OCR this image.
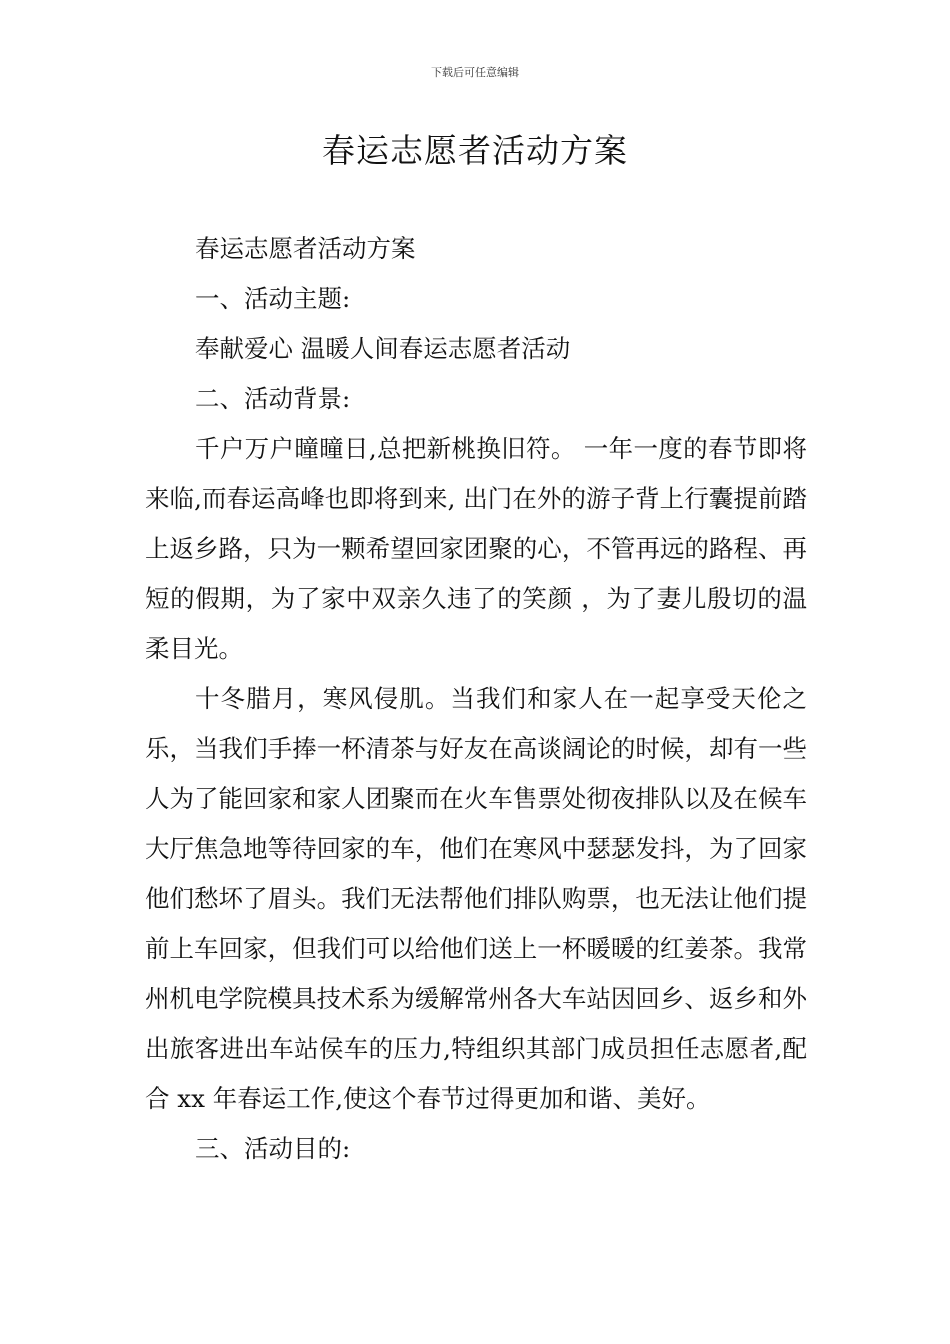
下载后可任意编辑
春运志愿者活动方案

春运志愿者活动方案

一、活动主题:

奉献爱心 温暖人间春运志愿者活动

二、活动背景:

千户万户曈曈日,总把新桃换旧符。 一年一度的春节即将来临,而春运高峰也即将到来, 出门在外的游子背上行囊提前踏上返乡路，只为一颗希望回家团聚的心，不管再远的路程、再短的假期，为了家中双亲久违了的笑颜 ，为了妻儿殷切的温柔目光。

十冬腊月，寒风侵肌。当我们和家人在一起享受天伦之乐，当我们手捧一杯清茶与好友在高谈阔论的时候，却有一些人为了能回家和家人团聚而在火车售票处彻夜排队以及在候车大厅焦急地等待回家的车，他们在寒风中瑟瑟发抖，为了回家他们愁坏了眉头。我们无法帮他们排队购票，也无法让他们提前上车回家，但我们可以给他们送上一杯暖暖的红姜茶。我常州机电学院模具技术系为缓解常州各大车站因回乡、返乡和外出旅客进出车站侯车的压力,特组织其部门成员担任志愿者,配合 xx 年春运工作,使这个春节过得更加和谐、美好。

三、活动目的:
